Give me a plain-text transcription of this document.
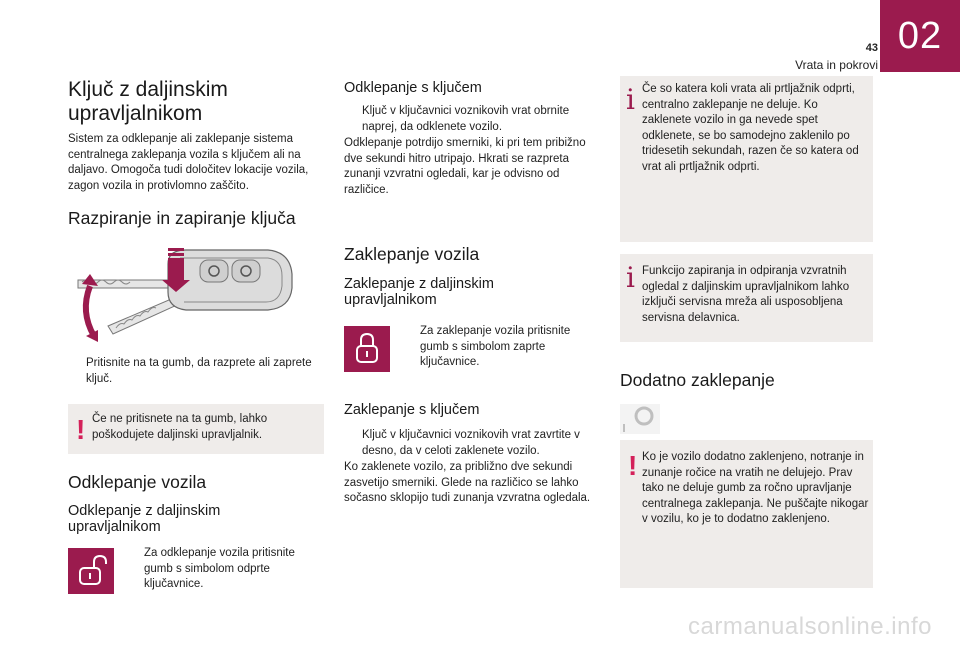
43
Vrata in pokrovi
02
Ključ z daljinskim upravljalnikom
Sistem za odklepanje ali zaklepanje sistema centralnega zaklepanja vozila s ključem ali na daljavo. Omogoča tudi določitev lokacije vozila, zagon vozila in protivlomno zaščito.
Razpiranje in zapiranje ključa
Pritisnite na ta gumb, da razprete ali zaprete ključ.
! Če ne pritisnete na ta gumb, lahko poškodujete daljinski upravljalnik.
Odklepanje vozila
Odklepanje z daljinskim upravljalnikom
Za odklepanje vozila pritisnite gumb s simbolom odprte ključavnice.
Odklepanje s ključem
Ključ v ključavnici voznikovih vrat obrnite naprej, da odklenete vozilo.
Odklepanje potrdijo smerniki, ki pri tem pribižno dve sekundi hitro utripajo. Hkrati se razpreta zunanji vzvratni ogledali, kar je odvisno od različice.
Zaklepanje vozila
Zaklepanje z daljinskim upravljalnikom
Za zaklepanje vozila pritisnite gumb s simbolom zaprte ključavnice.
Zaklepanje s ključem
Ključ v ključavnici voznikovih vrat zavrtite v desno, da v celoti zaklenete vozilo.
Ko zaklenete vozilo, za približno dve sekundi zasvetijo smerniki. Glede na različico se lahko sočasno sklopijo tudi zunanja vzvratna ogledala.
i Če so katera koli vrata ali prtljažnik odprti, centralno zaklepanje ne deluje. Ko zaklenete vozilo in ga nevede spet odklenete, se bo samodejno zaklenilo po tridesetih sekundah, razen če so katera od vrat ali prtljažnik odprti.
i Funkcijo zapiranja in odpiranja vzvratnih ogledal z daljinskim upravljalnikom lahko izključi servisna mreža ali usposobljena servisna delavnica.
Dodatno zaklepanje
! Ko je vozilo dodatno zaklenjeno, notranje in zunanje ročice na vratih ne delujejo. Prav tako ne deluje gumb za ročno upravljanje centralnega zaklepanja. Ne puščajte nikogar v vozilu, ko je to dodatno zaklenjeno.
carmanualsonline.info
